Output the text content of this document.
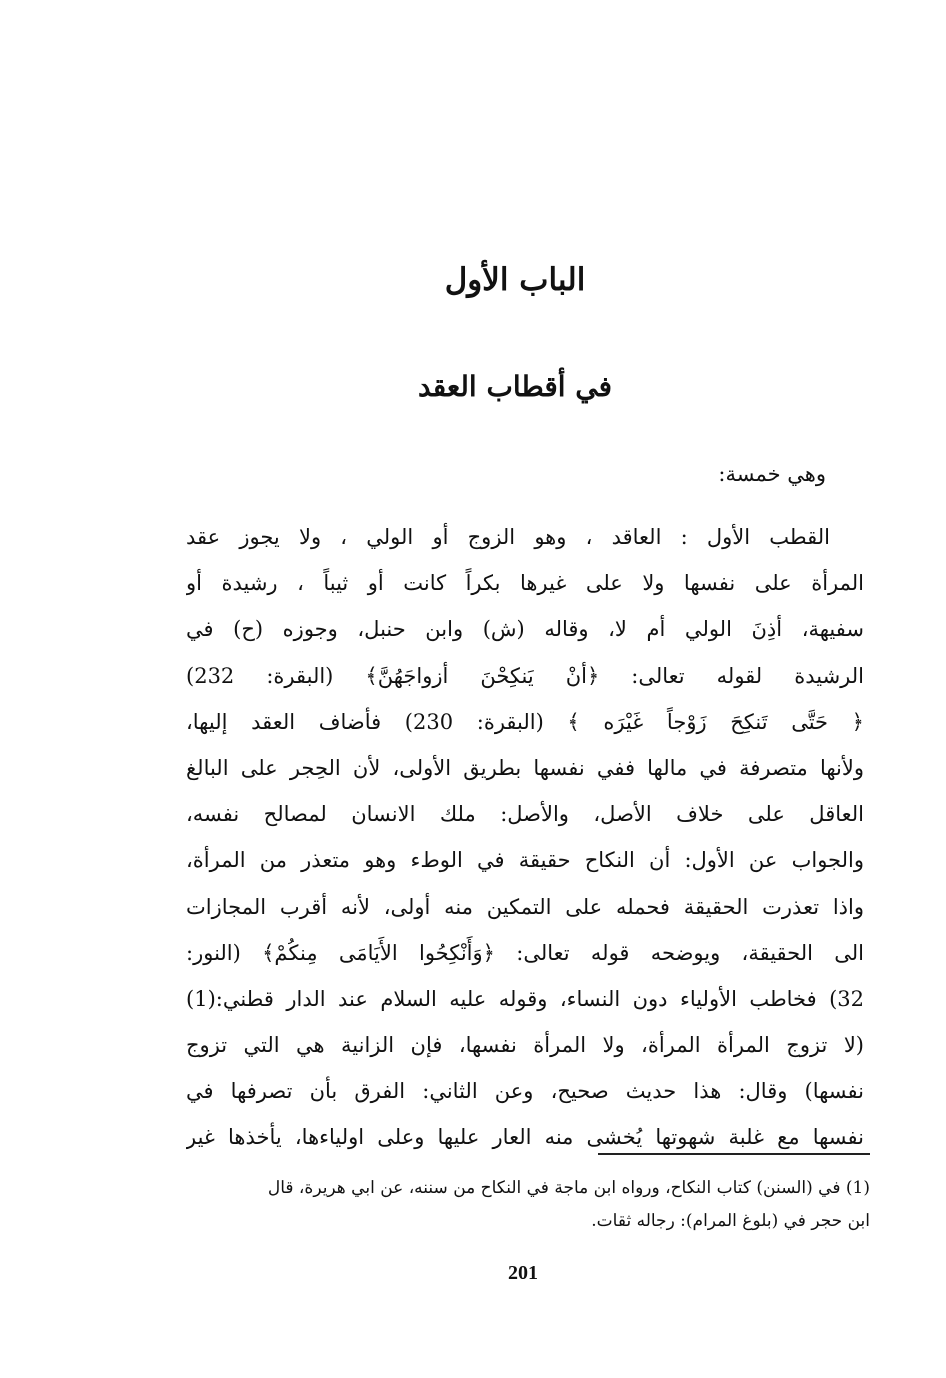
الباب الأول
في أقطاب العقد
وهي خمسة:
القطب الأول : العاقد ، وهو الزوج أو الولي ، ولا يجوز عقد
المرأة على نفسها ولا على غيرها بكراً كانت أو ثيباً ، رشيدة أو
سفيهة، أذِنَ الولي أم لا، وقاله (ش) وابن حنبل، وجوزه (ح) في
الرشيدة لقوله تعالى: ﴿أنْ يَنكِحْنَ أزواجَهُنَّ﴾ (البقرة: 232)
﴿ حَتَّى تَنكِحَ زَوْجاً غَيْرَه ﴾ (البقرة: 230) فأضاف العقد إليها،
ولأنها متصرفة في مالها ففي نفسها بطريق الأولى، لأن الحِجر على البالغ
العاقل على خلاف الأصل، والأصل: ملك الانسان لمصالح نفسه،
والجواب عن الأول: أن النكاح حقيقة في الوطء وهو متعذر من المرأة،
واذا تعذرت الحقيقة فحمله على التمكين منه أولى، لأنه أقرب المجازات
الى الحقيقة، ويوضحه قوله تعالى: ﴿وَأَنْكِحُوا الأَيَامَى مِنكُمْ﴾ (النور:
32) فخاطب الأولياء دون النساء، وقوله عليه السلام عند الدار قطني:(1)
(لا تزوج المرأة المرأة، ولا المرأة نفسها، فإن الزانية هي التي تزوج
نفسها) وقال: هذا حديث صحيح، وعن الثاني: الفرق بأن تصرفها في
نفسها مع غلبة شهوتها يُخشى منه العار عليها وعلى اولياءها، يأخذها غير
(1) في (السنن) كتاب النكاح، ورواه ابن ماجة في النكاح من سننه، عن ابي هريرة، قال
ابن حجر في (بلوغ المرام): رجاله ثقات.
201
